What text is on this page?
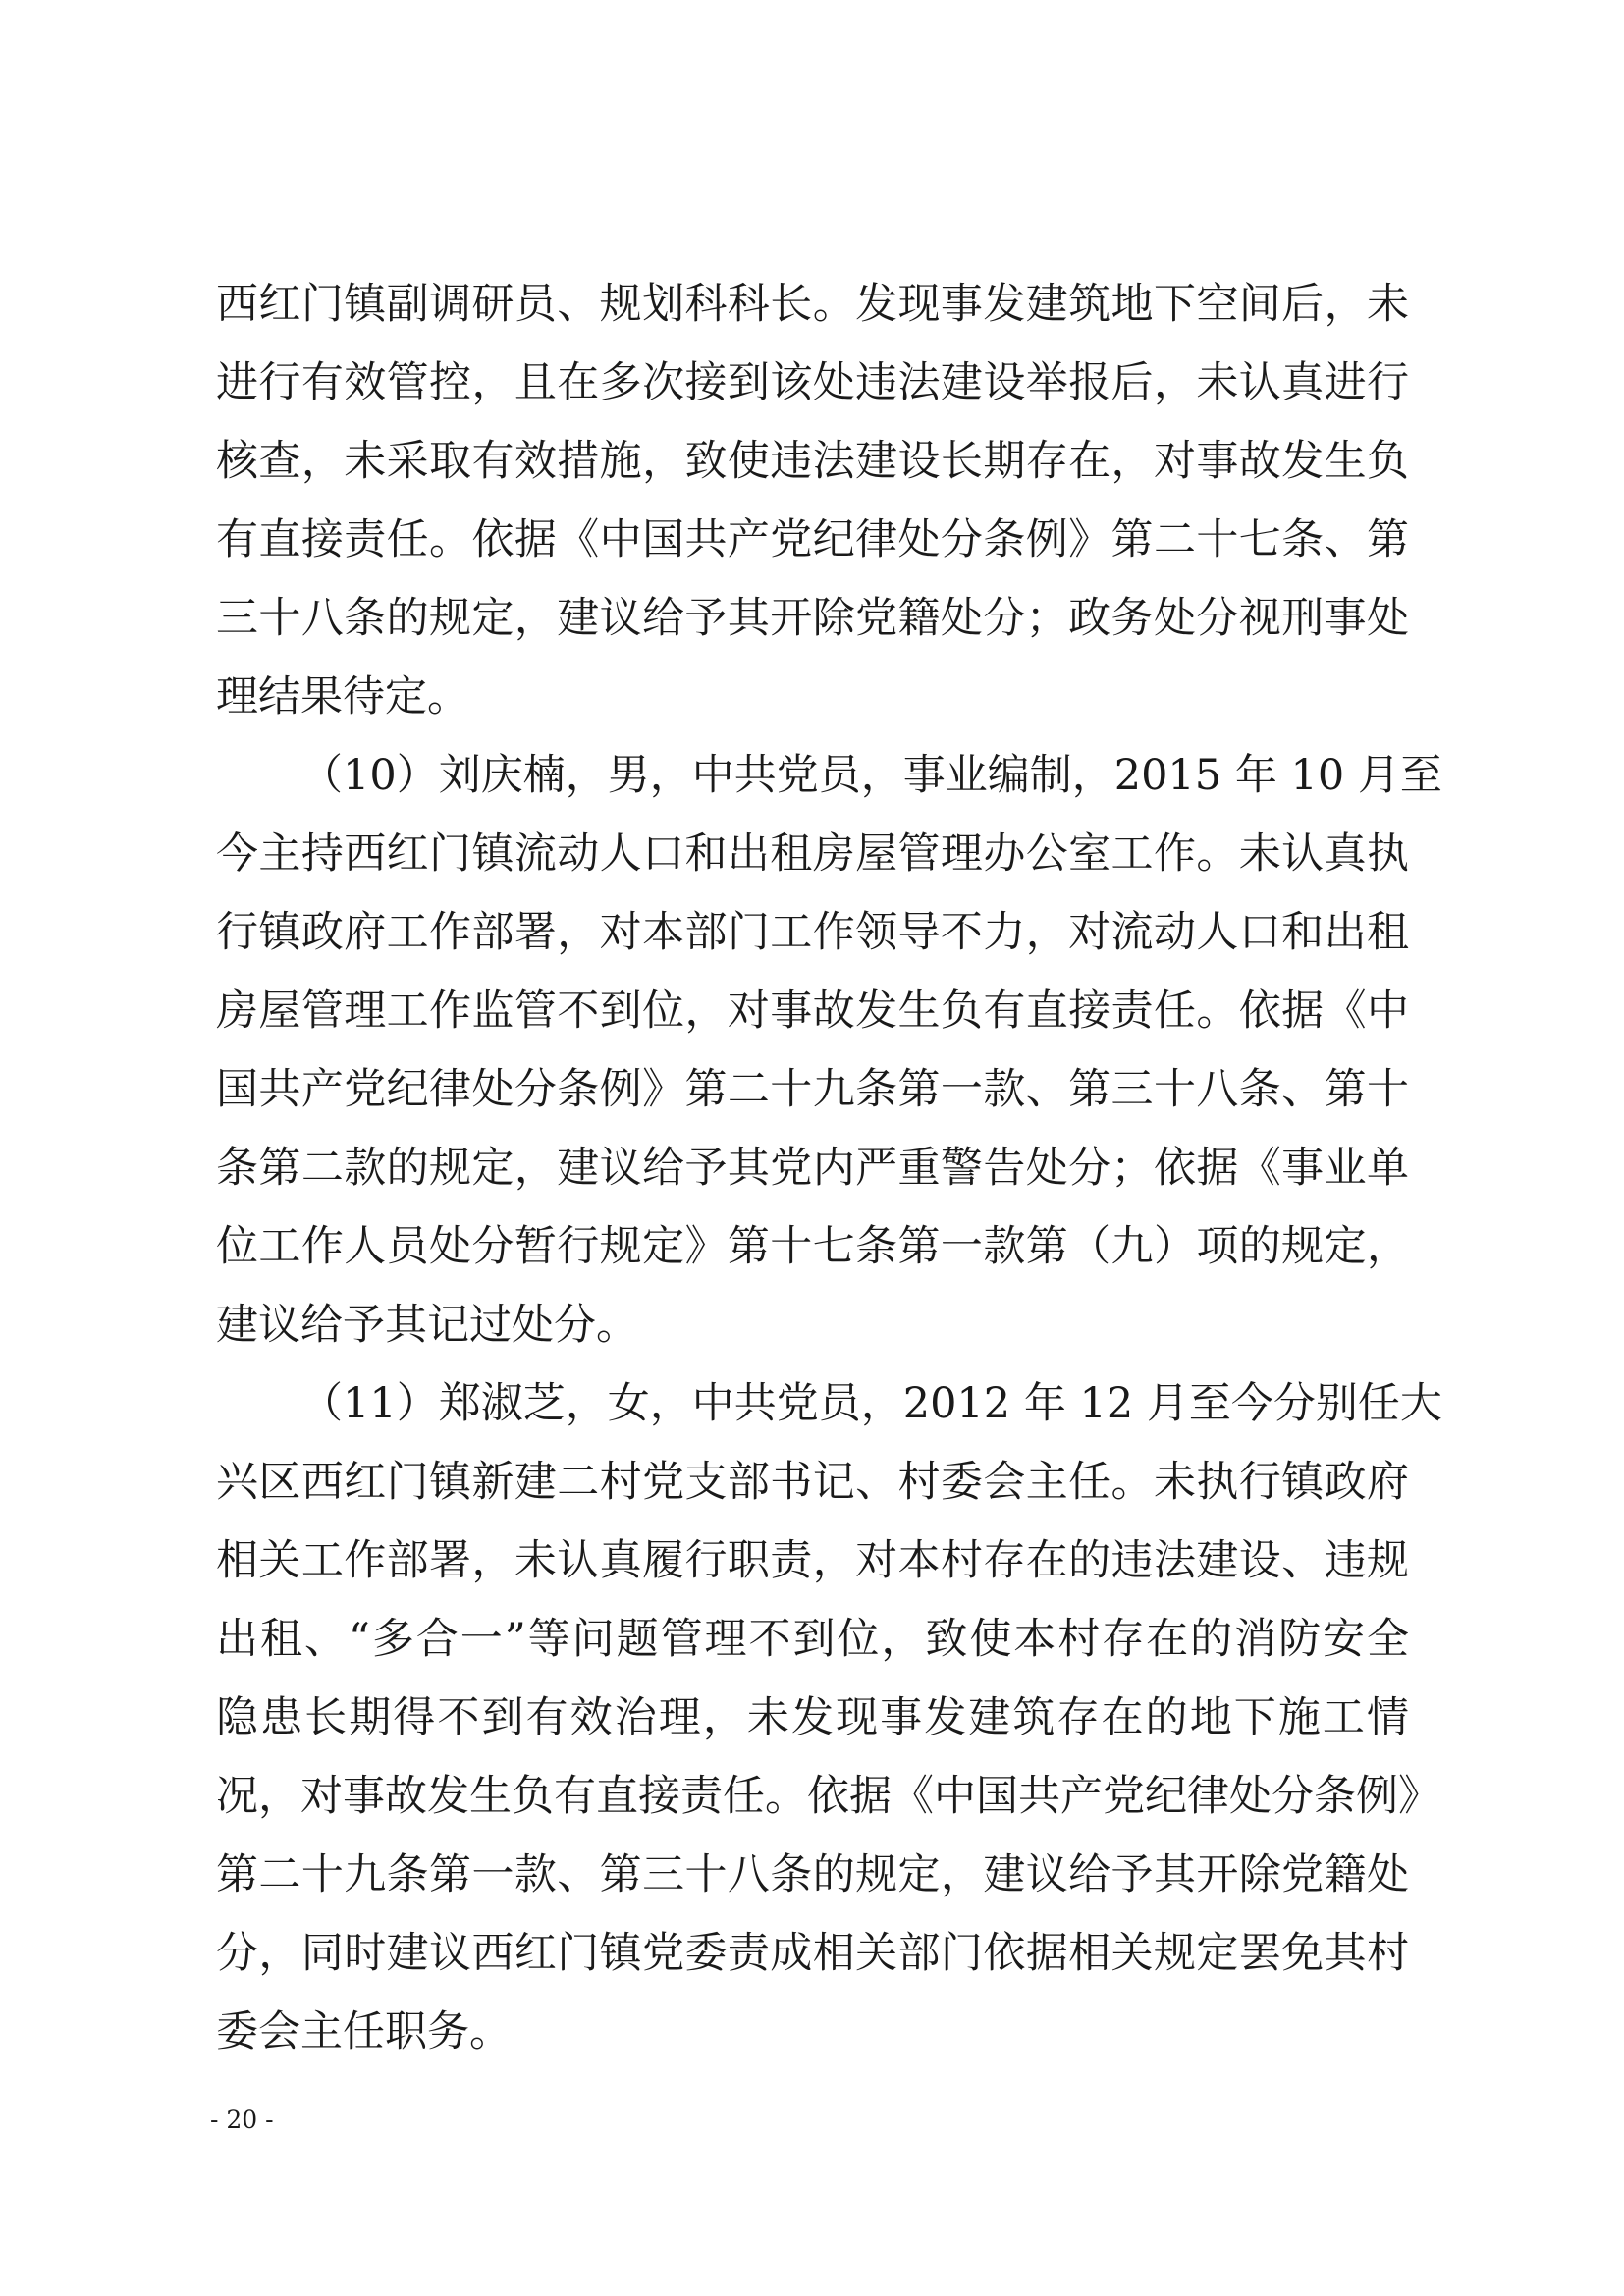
西红门镇副调研员、规划科科长。发现事发建筑地下空间后，未
进行有效管控，且在多次接到该处违法建设举报后，未认真进行
核查，未采取有效措施，致使违法建设长期存在，对事故发生负
有直接责任。依据《中国共产党纪律处分条例》第二十七条、第
三十八条的规定，建议给予其开除党籍处分；政务处分视刑事处
理结果待定。
（10）刘庆楠，男，中共党员，事业编制，2015 年 10 月至
今主持西红门镇流动人口和出租房屋管理办公室工作。未认真执
行镇政府工作部署，对本部门工作领导不力，对流动人口和出租
房屋管理工作监管不到位，对事故发生负有直接责任。依据《中
国共产党纪律处分条例》第二十九条第一款、第三十八条、第十
条第二款的规定，建议给予其党内严重警告处分；依据《事业单
位工作人员处分暂行规定》第十七条第一款第（九）项的规定，
建议给予其记过处分。
（11）郑淑芝，女，中共党员，2012 年 12 月至今分别任大
兴区西红门镇新建二村党支部书记、村委会主任。未执行镇政府
相关工作部署，未认真履行职责，对本村存在的违法建设、违规
出租、“多合一”等问题管理不到位，致使本村存在的消防安全
隐患长期得不到有效治理，未发现事发建筑存在的地下施工情
况，对事故发生负有直接责任。依据《中国共产党纪律处分条例》
第二十九条第一款、第三十八条的规定，建议给予其开除党籍处
分，同时建议西红门镇党委责成相关部门依据相关规定罢免其村
委会主任职务。
- 20 -
